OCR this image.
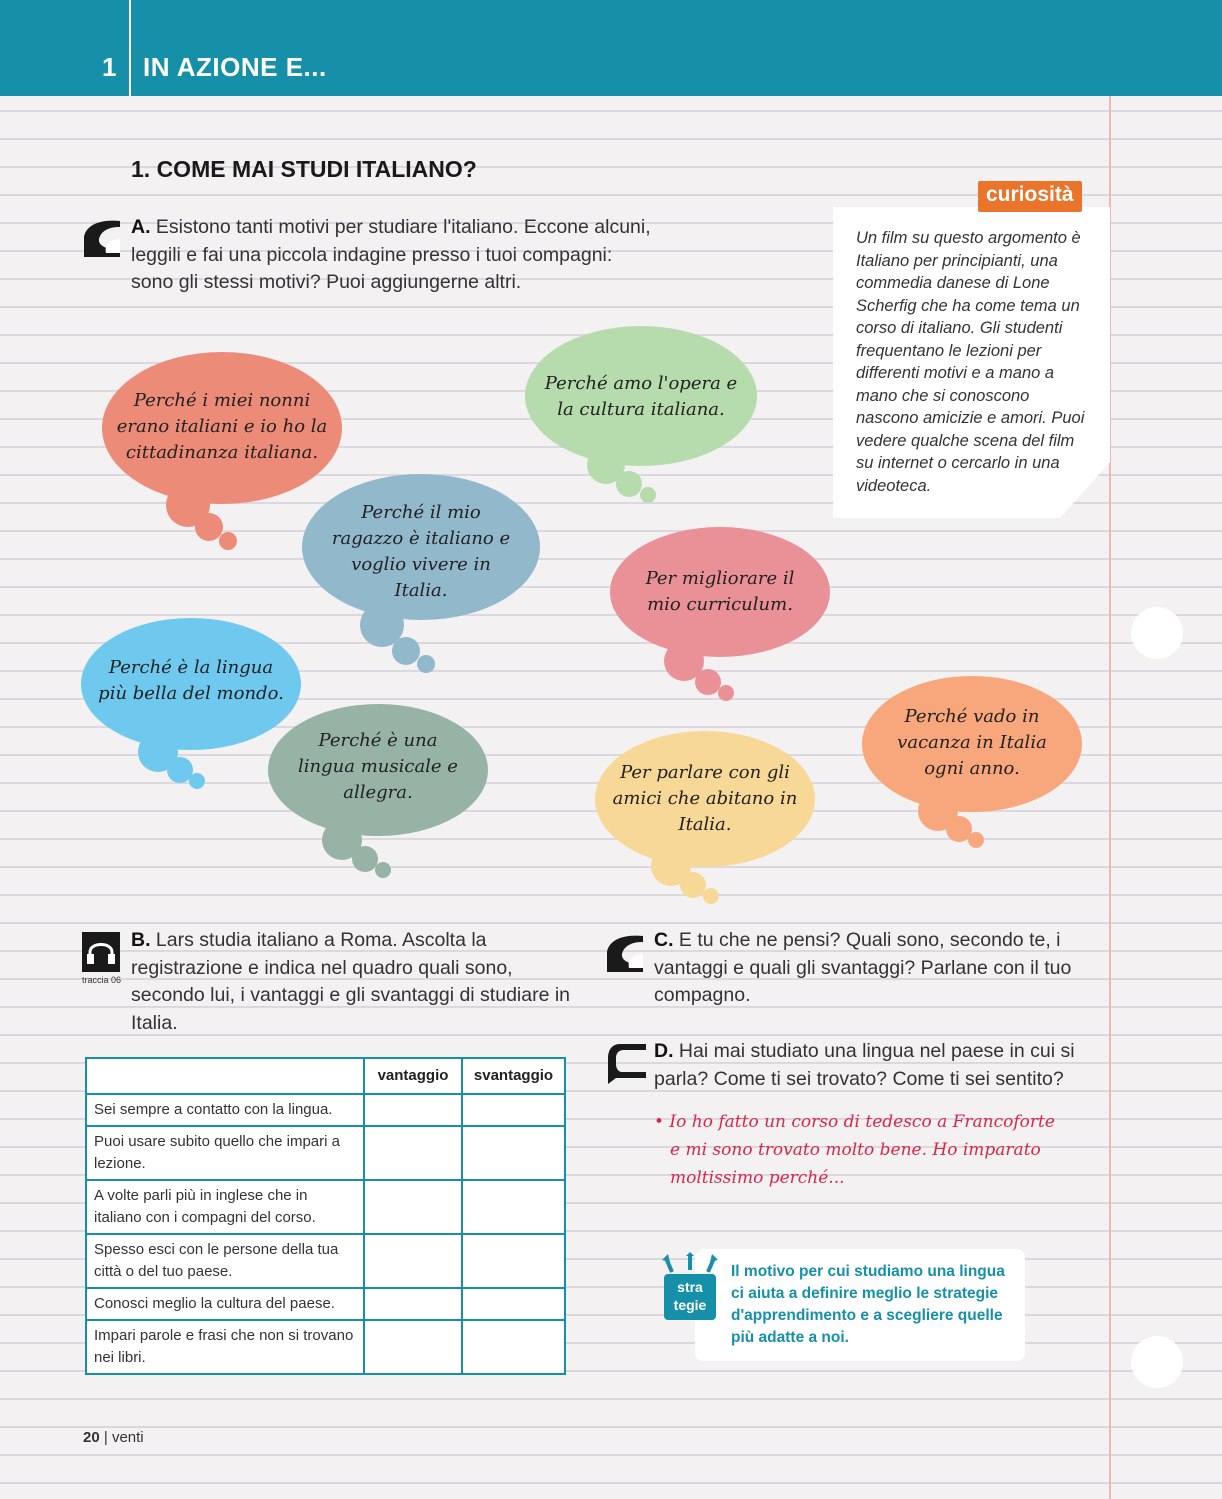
1 IN AZIONE E...
1. COME MAI STUDI ITALIANO?
A. Esistono tanti motivi per studiare l'italiano. Eccone alcuni, leggili e fai una piccola indagine presso i tuoi compagni: sono gli stessi motivi? Puoi aggiungerne altri.
curiosità
Un film su questo argomento è Italiano per principianti, una commedia danese di Lone Scherfig che ha come tema un corso di italiano. Gli studenti frequentano le lezioni per differenti motivi e a mano a mano che si conoscono nascono amicizie e amori. Puoi vedere qualche scena del film su internet o cercarlo in una videoteca.
Perché i miei nonni erano italiani e io ho la cittadinanza italiana.
Perché amo l'opera e la cultura italiana.
Perché il mio ragazzo è italiano e voglio vivere in Italia.
Per migliorare il mio curriculum.
Perché è la lingua più bella del mondo.
Perché è una lingua musicale e allegra.
Per parlare con gli amici che abitano in Italia.
Perché vado in vacanza in Italia ogni anno.
traccia 06
B. Lars studia italiano a Roma. Ascolta la registrazione e indica nel quadro quali sono, secondo lui, i vantaggi e gli svantaggi di studiare in Italia.
	vantaggio	svantaggio
Sei sempre a contatto con la lingua.		
Puoi usare subito quello che impari a lezione.		
A volte parli più in inglese che in italiano con i compagni del corso.		
Spesso esci con le persone della tua città o del tuo paese.		
Conosci meglio la cultura del paese.		
Impari parole e frasi che non si trovano nei libri.		
C. E tu che ne pensi? Quali sono, secondo te, i vantaggi e quali gli svantaggi? Parlane con il tuo compagno.
D. Hai mai studiato una lingua nel paese in cui si parla? Come ti sei trovato? Come ti sei sentito?
• Io ho fatto un corso di tedesco a Francoforte
e mi sono trovato molto bene. Ho imparato
moltissimo perché...
stra
tegie
Il motivo per cui studiamo una lingua ci aiuta a definire meglio le strategie d'apprendimento e a scegliere quelle più adatte a noi.
20 | venti
